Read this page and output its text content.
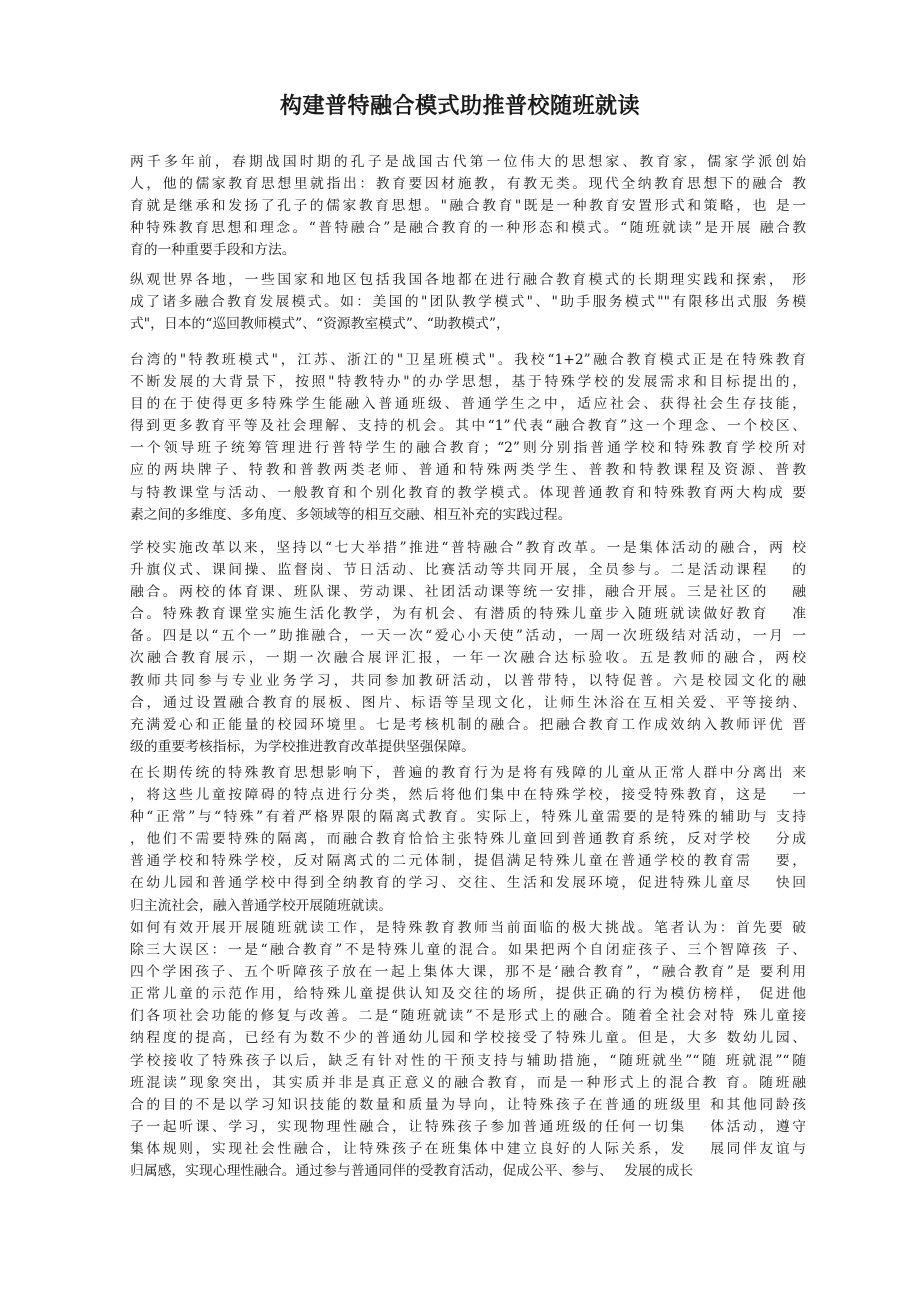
构建普特融合模式助推普校随班就读
两千多年前，春期战国时期的孔子是战国古代第一位伟大的思想家、教育家，儒家学派创始
人，他的儒家教育思想里就指出：教育要因材施教，有教无类。现代全纳教育思想下的融合 教
育就是继承和发扬了孔子的儒家教育思想。"融合教育"既是一种教育安置形式和策略，也 是一
种特殊教育思想和理念。“普特融合”是融合教育的一种形态和模式。“随班就读”是开展 融合教
育的一种重要手段和方法。
纵观世界各地，一些国家和地区包括我国各地都在进行融合教育模式的长期理实践和探索， 形
成了诸多融合教育发展模式。如：美国的"团队教学模式"、"助手服务模式""有限移出式服 务模
式"，日本的“巡回教师模式”、“资源教室模式”、“助教模式”，
台湾的"特教班模式"，江苏、浙江的"卫星班模式"。我校“1+2”融合教育模式正是在特殊教育
不断发展的大背景下，按照"特教特办"的办学思想，基于特殊学校的发展需求和目标提出的，
目的在于使得更多特殊学生能融入普通班级、普通学生之中，适应社会、获得社会生存技能，
得到更多教育平等及社会理解、支持的机会。其中“1”代表“融合教育”这一个理念、一个校区、
一个领导班子统筹管理进行普特学生的融合教育；“2”则分别指普通学校和特殊教育学校所对
应的两块牌子、特教和普教两类老师、普通和特殊两类学生、普教和特教课程及资源、普教
与特教课堂与活动、一般教育和个别化教育的教学模式。体现普通教育和特殊教育两大构成 要
素之间的多维度、多角度、多领域等的相互交融、相互补充的实践过程。
学校实施改革以来，坚持以“七大举措”推进“普特融合”教育改革。一是集体活动的融合，两 校
升旗仪式、课间操、监督岗、节日活动、比赛活动等共同开展，全员参与。二是活动课程　 的
融合。两校的体育课、班队课、劳动课、社团活动课等统一安排，融合开展。三是社区的　 融
合。特殊教育课堂实施生活化教学，为有机会、有潜质的特殊儿童步入随班就读做好教育　 准
备。四是以“五个一”助推融合，一天一次“爱心小天使”活动，一周一次班级结对活动，一月 一
次融合教育展示，一期一次融合展评汇报，一年一次融合达标验收。五是教师的融合，两校
教师共同参与专业业务学习，共同参加教研活动，以普带特，以特促普。六是校园文化的融
合，通过设置融合教育的展板、图片、标语等呈现文化，让师生沐浴在互相关爱、平等接纳、
充满爱心和正能量的校园环境里。七是考核机制的融合。把融合教育工作成效纳入教师评优 晋
级的重要考核指标，为学校推进教育改革提供坚强保障。
在长期传统的特殊教育思想影响下，普遍的教育行为是将有残障的儿童从正常人群中分离出 来
，将这些儿童按障碍的特点进行分类，然后将他们集中在特殊学校，接受特殊教育，这是　 一
种“正常”与“特殊”有着严格界限的隔离式教育。实际上，特殊儿童需要的是特殊的辅助与 支持
，他们不需要特殊的隔离，而融合教育恰恰主张特殊儿童回到普通教育系统，反对学校　 分成
普通学校和特殊学校，反对隔离式的二元体制，提倡满足特殊儿童在普通学校的教育需　 要，
在幼儿园和普通学校中得到全纳教育的学习、交往、生活和发展环境，促进特殊儿童尽　 快回
归主流社会，融入普通学校开展随班就读。
如何有效开展开展随班就读工作，是特殊教育教师当前面临的极大挑战。笔者认为：首先要 破
除三大误区：一是“融合教育”不是特殊儿童的混合。如果把两个自闭症孩子、三个智障孩 子、
四个学困孩子、五个听障孩子放在一起上集体大课，那不是‘融合教育”，“融合教育”是 要利用
正常儿童的示范作用，给特殊儿童提供认知及交往的场所，提供正确的行为模仿榜样， 促进他
们各项社会功能的修复与改善。二是“随班就读”不是形式上的融合。随着全社会对特 殊儿童接
纳程度的提高，已经有为数不少的普通幼儿园和学校接受了特殊儿童。但是，大多 数幼儿园、
学校接收了特殊孩子以后，缺乏有针对性的干预支持与辅助措施，“随班就坐”“随 班就混”“随
班混读”现象突出，其实质并非是真正意义的融合教育，而是一种形式上的混合教 育。随班融
合的目的不是以学习知识技能的数量和质量为导向，让特殊孩子在普通的班级里 和其他同龄孩
子一起听课、学习，实现物理性融合，让特殊孩子参加普通班级的任何一切集　 体活动，遵守
集体规则，实现社会性融合，让特殊孩子在班集体中建立良好的人际关系，发　 展同伴友谊与
归属感，实现心理性融合。通过参与普通同伴的受教育活动，促成公平、参与、　 发展的成长
